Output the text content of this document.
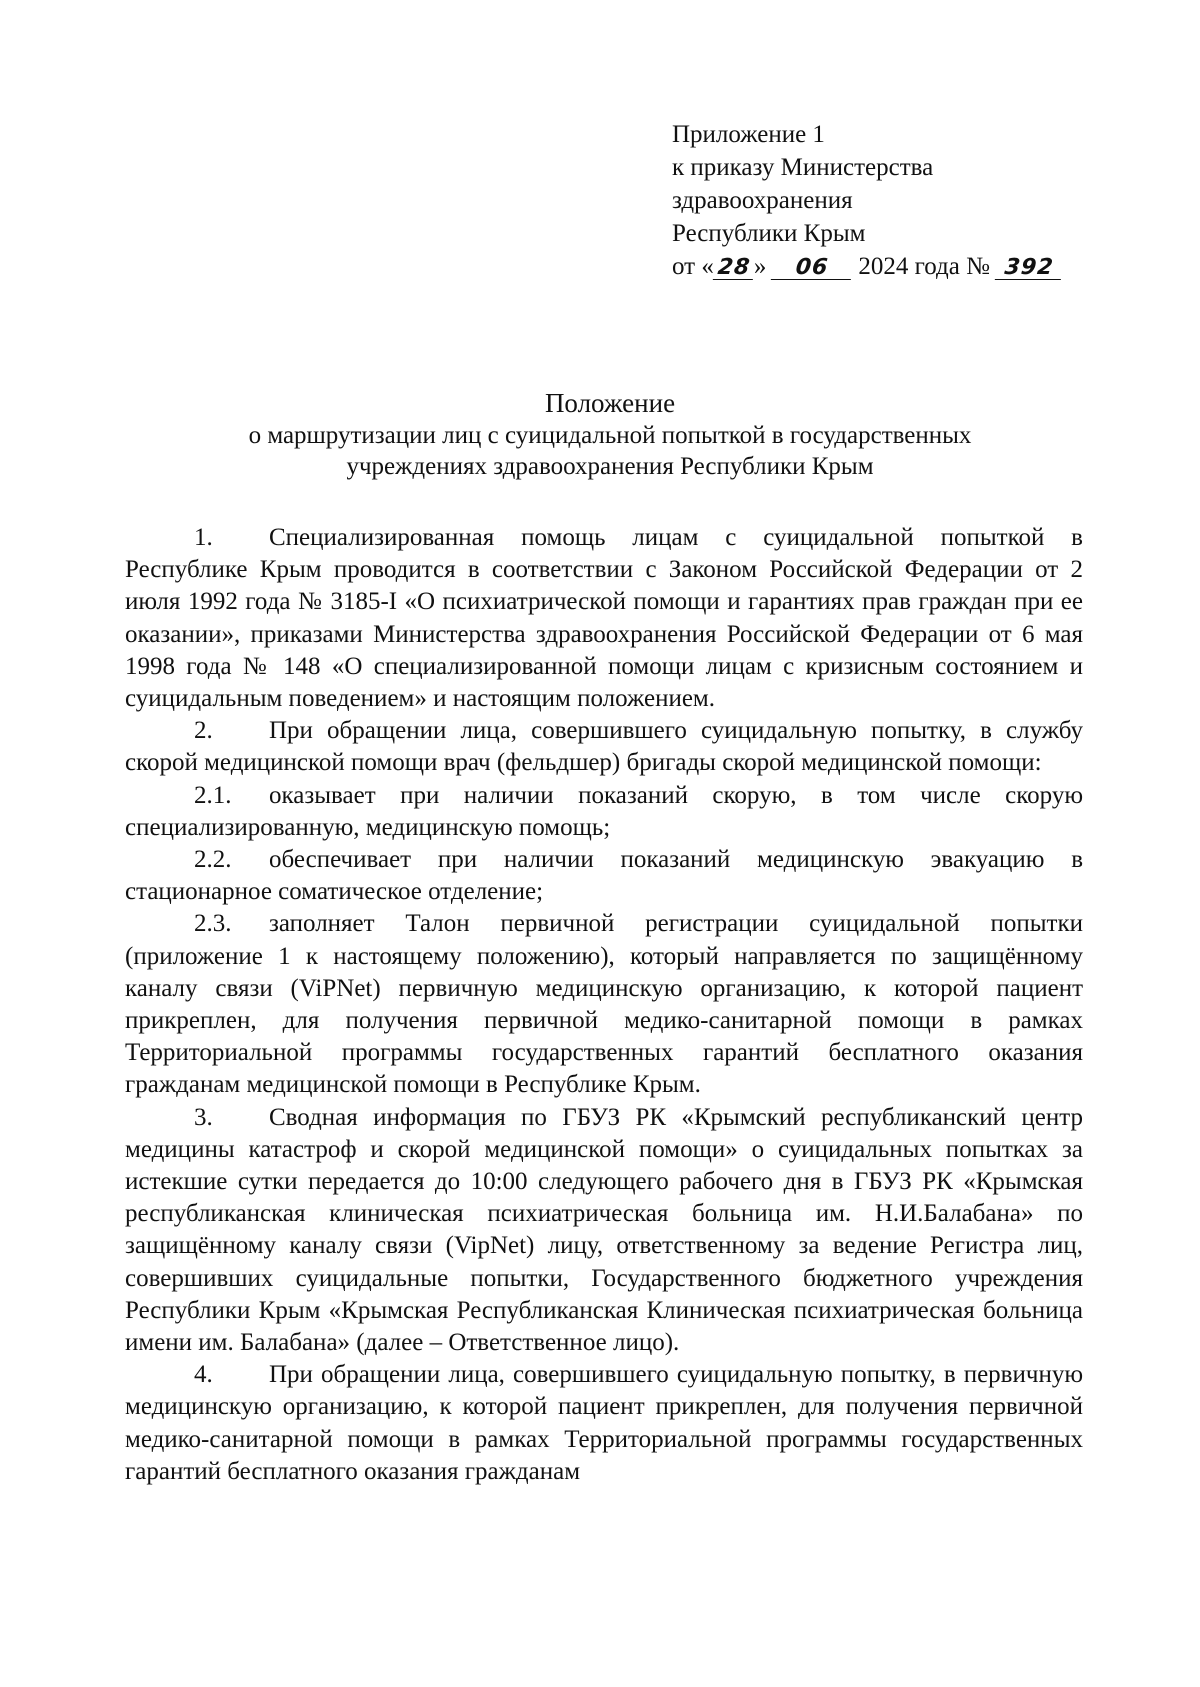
Приложение 1
к приказу Министерства
здравоохранения
Республики Крым
от « 28» 06 2024 года № 392
Положение
о маршрутизации лиц с суицидальной попыткой в государственных
учреждениях здравоохранения Республики Крым

1. Специализированная помощь лицам с суицидальной попыткой в Республике Крым проводится в соответствии с Законом Российской Федерации от 2 июля 1992 года № 3185-I «О психиатрической помощи и гарантиях прав граждан при ее оказании», приказами Министерства здравоохранения Российской Федерации от 6 мая 1998 года № 148 «О специализированной помощи лицам с кризисным состоянием и суицидальным поведением» и настоящим положением.

2. При обращении лица, совершившего суицидальную попытку, в службу скорой медицинской помощи врач (фельдшер) бригады скорой медицинской помощи:

2.1. оказывает при наличии показаний скорую, в том числе скорую специализированную, медицинскую помощь;

2.2. обеспечивает при наличии показаний медицинскую эвакуацию в стационарное соматическое отделение;

2.3. заполняет Талон первичной регистрации суицидальной попытки (приложение 1 к настоящему положению), который направляется по защищённому каналу связи (ViPNet) первичную медицинскую организацию, к которой пациент прикреплен, для получения первичной медико-санитарной помощи в рамках Территориальной программы государственных гарантий бесплатного оказания гражданам медицинской помощи в Республике Крым.

3. Сводная информация по ГБУЗ РК «Крымский республиканский центр медицины катастроф и скорой медицинской помощи» о суицидальных попытках за истекшие сутки передается до 10:00 следующего рабочего дня в ГБУЗ РК «Крымская республиканская клиническая психиатрическая больница им. Н.И.Балабана» по защищённому каналу связи (VipNet) лицу, ответственному за ведение Регистра лиц, совершивших суицидальные попытки, Государственного бюджетного учреждения Республики Крым «Крымская Республиканская Клиническая психиатрическая больница имени им. Балабана» (далее – Ответственное лицо).

4. При обращении лица, совершившего суицидальную попытку, в первичную медицинскую организацию, к которой пациент прикреплен, для получения первичной медико-санитарной помощи в рамках Территориальной программы государственных гарантий бесплатного оказания гражданам
